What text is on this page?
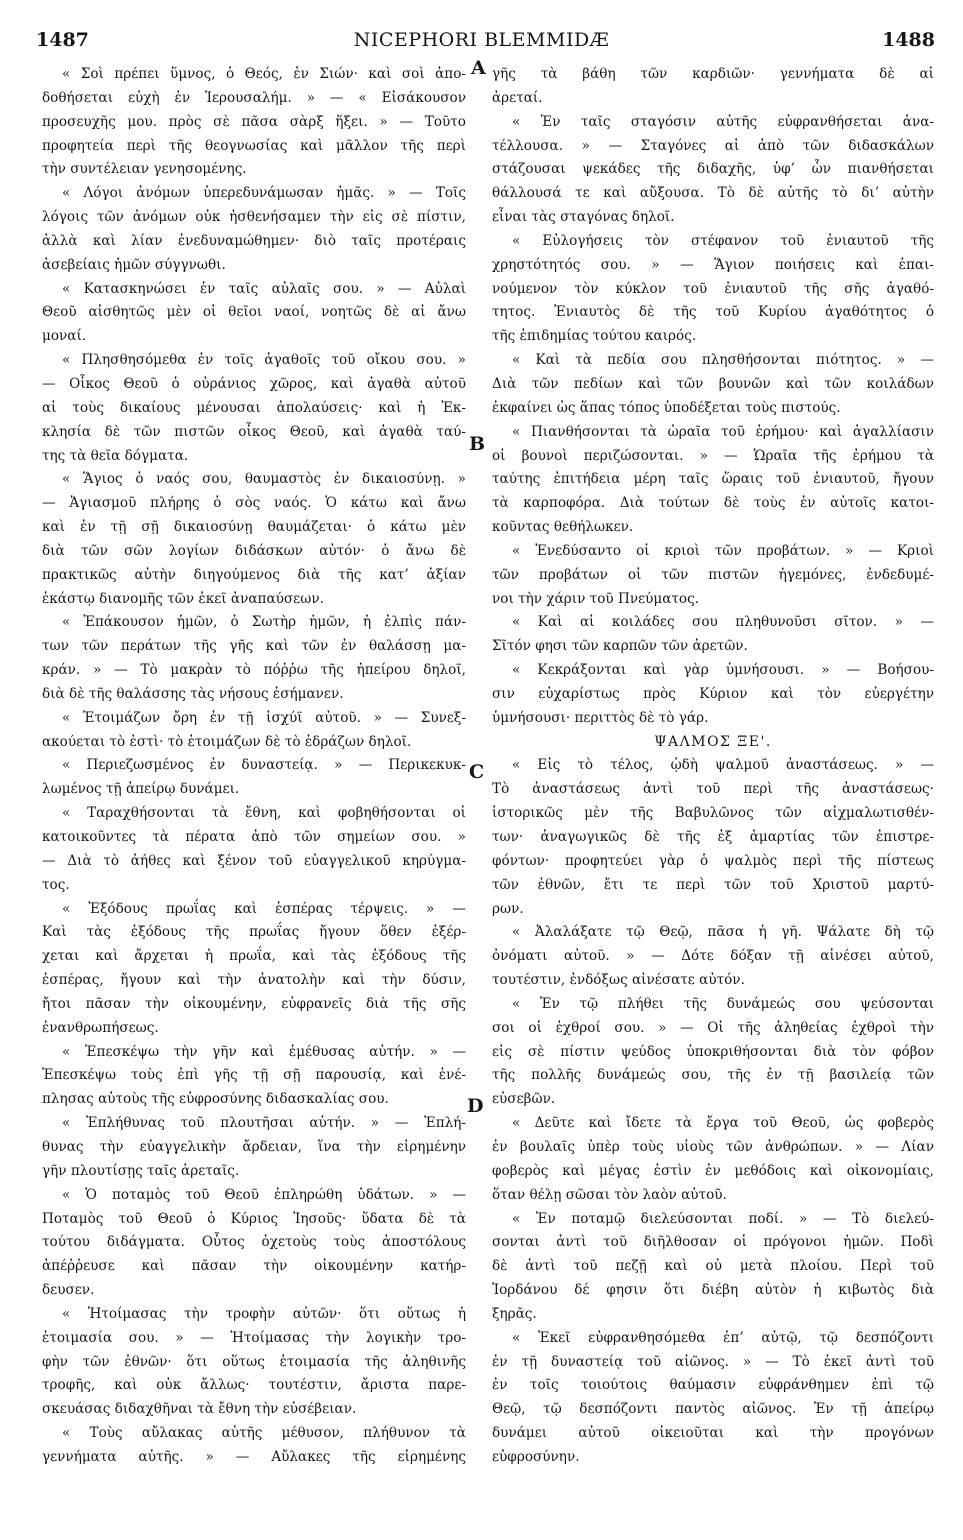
1487	NICEPHORI BLEMMIDÆ	1488
A
B
C
D
« Σοὶ πρέπει ὕμνος, ὁ Θεός, ἐν Σιών· καὶ σοὶ ἀπο-
δοθήσεται εὐχὴ ἐν Ἱερουσαλήμ. » — « Εἰσάκουσον
προσευχῆς μου. πρὸς σὲ πᾶσα σὰρξ ἥξει. » — Τοῦτο
προφητεία περὶ τῆς θεογνωσίας καὶ μᾶλλον τῆς περὶ
τὴν συντέλειαν γενησομένης.
« Λόγοι ἀνόμων ὑπερεδυνάμωσαν ἡμᾶς. » — Τοῖς
λόγοις τῶν ἀνόμων οὐκ ἠσθενήσαμεν τὴν εἰς σὲ πίστιν,
ἀλλὰ καὶ λίαν ἐνεδυναμώθημεν· διὸ ταῖς προτέραις
ἀσεβείαις ἡμῶν σύγγνωθι.
« Κατασκηνώσει ἐν ταῖς αὐλαῖς σου. » — Αὐλαὶ
Θεοῦ αἰσθητῶς μὲν οἱ θεῖοι ναοί, νοητῶς δὲ αἱ ἄνω
μοναί.
« Πλησθησόμεθα ἐν τοῖς ἀγαθοῖς τοῦ οἴκου σου. »
— Οἶκος Θεοῦ ὁ οὐράνιος χῶρος, καὶ ἀγαθὰ αὐτοῦ
αἱ τοὺς δικαίους μένουσαι ἀπολαύσεις· καὶ ἡ Ἐκ-
κλησία δὲ τῶν πιστῶν οἶκος Θεοῦ, καὶ ἀγαθὰ ταύ-
της τὰ θεῖα δόγματα.
« Ἅγιος ὁ ναός σου, θαυμαστὸς ἐν δικαιοσύνῃ. »
— Ἁγιασμοῦ πλήρης ὁ σὸς ναός. Ὁ κάτω καὶ ἄνω
καὶ ἐν τῇ σῇ δικαιοσύνῃ θαυμάζεται· ὁ κάτω μὲν
διὰ τῶν σῶν λογίων διδάσκων αὐτόν· ὁ ἄνω δὲ
πρακτικῶς αὐτὴν διηγούμενος διὰ τῆς κατ’ ἀξίαν
ἑκάστῳ διανομῆς τῶν ἐκεῖ ἀναπαύσεων.
« Ἐπάκουσον ἡμῶν, ὁ Σωτὴρ ἡμῶν, ἡ ἐλπὶς πάν-
των τῶν περάτων τῆς γῆς καὶ τῶν ἐν θαλάσσῃ μα-
κράν. » — Τὸ μακρὰν τὸ πόῤῥω τῆς ἠπείρου δηλοῖ,
διὰ δὲ τῆς θαλάσσης τὰς νήσους ἐσήμανεν.
« Ἑτοιμάζων ὄρη ἐν τῇ ἰσχύϊ αὐτοῦ. » — Συνεξ-
ακούεται τὸ ἐστὶ· τὸ ἑτοιμάζων δὲ τὸ ἑδράζων δηλοῖ.
« Περιεζωσμένος ἐν δυναστείᾳ. » — Περικεκυκ-
λωμένος τῇ ἀπείρῳ δυνάμει.
« Ταραχθήσονται τὰ ἔθνη, καὶ φοβηθήσονται οἱ
κατοικοῦντες τὰ πέρατα ἀπὸ τῶν σημείων σου. »
— Διὰ τὸ ἀήθες καὶ ξένον τοῦ εὐαγγελικοῦ κηρύγμα-
τος.
« Ἐξόδους πρωΐας καὶ ἑσπέρας τέρψεις. » —
Καὶ τὰς ἐξόδους τῆς πρωΐας ἤγουν ὅθεν ἐξέρ-
χεται καὶ ἄρχεται ἡ πρωΐα, καὶ τὰς ἐξόδους τῆς
ἑσπέρας, ἤγουν καὶ τὴν ἀνατολὴν καὶ τὴν δύσιν,
ἤτοι πᾶσαν τὴν οἰκουμένην, εὐφρανεῖς διὰ τῆς σῆς
ἐνανθρωπήσεως.
« Ἐπεσκέψω τὴν γῆν καὶ ἐμέθυσας αὐτήν. » —
Ἐπεσκέψω τοὺς ἐπὶ γῆς τῇ σῇ παρουσίᾳ, καὶ ἐνέ-
πλησας αὐτοὺς τῆς εὐφροσύνης διδασκαλίας σου.
« Ἐπλήθυνας τοῦ πλουτῆσαι αὐτήν. » — Ἐπλή-
θυνας τὴν εὐαγγελικὴν ἄρδειαν, ἵνα τὴν εἰρημένην
γῆν πλουτίσῃς ταῖς ἀρεταῖς.
« Ὁ ποταμὸς τοῦ Θεοῦ ἐπληρώθη ὑδάτων. » —
Ποταμὸς τοῦ Θεοῦ ὁ Κύριος Ἰησοῦς· ὕδατα δὲ τὰ
τούτου διδάγματα. Οὗτος ὀχετοὺς τοὺς ἀποστόλους
ἀπέῤῥευσε καὶ πᾶσαν τὴν οἰκουμένην κατήρ-
δευσεν.
« Ἡτοίμασας τὴν τροφὴν αὐτῶν· ὅτι οὕτως ἡ
ἑτοιμασία σου. » — Ἡτοίμασας τὴν λογικὴν τρο-
φὴν τῶν ἐθνῶν· ὅτι οὕτως ἑτοιμασία τῆς ἀληθινῆς
τροφῆς, καὶ οὐκ ἄλλως· τουτέστιν, ἄριστα παρε-
σκευάσας διδαχθῆναι τὰ ἔθνη τὴν εὐσέβειαν.
« Τοὺς αὔλακας αὐτῆς μέθυσον, πλήθυνον τὰ
γεννήματα αὐτῆς. » — Αὔλακες τῆς εἰρημένης
γῆς τὰ βάθη τῶν καρδιῶν· γεννήματα δὲ αἱ
ἀρεταί.
« Ἐν ταῖς σταγόσιν αὐτῆς εὐφρανθήσεται ἀνα-
τέλλουσα. » — Σταγόνες αἱ ἀπὸ τῶν διδασκάλων
στάζουσαι ψεκάδες τῆς διδαχῆς, ὑφ’ ὧν πιανθήσεται
θάλλουσά τε καὶ αὔξουσα. Τὸ δὲ αὐτῆς τὸ δι’ αὐτὴν
εἶναι τὰς σταγόνας δηλοῖ.
« Εὐλογήσεις τὸν στέφανον τοῦ ἐνιαυτοῦ τῆς
χρηστότητός σου. » — Ἅγιον ποιήσεις καὶ ἐπαι-
νούμενον τὸν κύκλον τοῦ ἐνιαυτοῦ τῆς σῆς ἀγαθό-
τητος. Ἐνιαυτὸς δὲ τῆς τοῦ Κυρίου ἀγαθότητος ὁ
τῆς ἐπιδημίας τούτου καιρός.
« Καὶ τὰ πεδία σου πλησθήσονται πιότητος. » —
Διὰ τῶν πεδίων καὶ τῶν βουνῶν καὶ τῶν κοιλάδων
ἐκφαίνει ὡς ἅπας τόπος ὑποδέξεται τοὺς πιστούς.
« Πιανθήσονται τὰ ὡραῖα τοῦ ἐρήμου· καὶ ἀγαλλίασιν
οἱ βουνοὶ περιζώσονται. » — Ὡραῖα τῆς ἐρήμου τὰ
ταύτης ἐπιτήδεια μέρη ταῖς ὥραις τοῦ ἐνιαυτοῦ, ἤγουν
τὰ καρποφόρα. Διὰ τούτων δὲ τοὺς ἐν αὐτοῖς κατοι-
κοῦντας θεθήλωκεν.
« Ἐνεδύσαντο οἱ κριοὶ τῶν προβάτων. » — Κριοὶ
τῶν προβάτων οἱ τῶν πιστῶν ἡγεμόνες, ἐνδεδυμέ-
νοι τὴν χάριν τοῦ Πνεύματος.
« Καὶ αἱ κοιλάδες σου πληθυνοῦσι σῖτον. » —
Σῖτόν φησι τῶν καρπῶν τῶν ἀρετῶν.
« Κεκράξονται καὶ γὰρ ὑμνήσουσι. » — Βοήσου-
σιν εὐχαρίστως πρὸς Κύριον καὶ τὸν εὐεργέτην
ὑμνήσουσι· περιττὸς δὲ τὸ γάρ.
ΨΑΛΜΟΣ ΞΕ'.
« Εἰς τὸ τέλος, ᾠδὴ ψαλμοῦ ἀναστάσεως. » —
Τὸ ἀναστάσεως ἀντὶ τοῦ περὶ τῆς ἀναστάσεως·
ἱστορικῶς μὲν τῆς Βαβυλῶνος τῶν αἰχμαλωτισθέν-
των· ἀναγωγικῶς δὲ τῆς ἐξ ἁμαρτίας τῶν ἐπιστρε-
φόντων· προφητεύει γὰρ ὁ ψαλμὸς περὶ τῆς πίστεως
τῶν ἐθνῶν, ἔτι τε περὶ τῶν τοῦ Χριστοῦ μαρτύ-
ρων.
« Ἀλαλάξατε τῷ Θεῷ, πᾶσα ἡ γῆ. Ψάλατε δὴ τῷ
ὀνόματι αὐτοῦ. » — Δότε δόξαν τῇ αἰνέσει αὐτοῦ,
τουτέστιν, ἐνδόξως αἰνέσατε αὐτόν.
« Ἐν τῷ πλήθει τῆς δυνάμεώς σου ψεύσονται
σοι οἱ ἐχθροί σου. » — Οἱ τῆς ἀληθείας ἐχθροὶ τὴν
εἰς σὲ πίστιν ψεύδος ὑποκριθήσονται διὰ τὸν φόβον
τῆς πολλῆς δυνάμεώς σου, τῆς ἐν τῇ βασιλείᾳ τῶν
εὐσεβῶν.
« Δεῦτε καὶ ἴδετε τὰ ἔργα τοῦ Θεοῦ, ὡς φοβερὸς
ἐν βουλαῖς ὑπὲρ τοὺς υἱοὺς τῶν ἀνθρώπων. » — Λίαν
φοβερὸς καὶ μέγας ἐστὶν ἐν μεθόδοις καὶ οἰκονομίαις,
ὅταν θέλῃ σῶσαι τὸν λαὸν αὐτοῦ.
« Ἐν ποταμῷ διελεύσονται ποδί. » — Τὸ διελεύ-
σονται ἀντὶ τοῦ διῆλθοσαν οἱ πρόγονοι ἡμῶν. Ποδὶ
δὲ ἀντὶ τοῦ πεζῇ καὶ οὐ μετὰ πλοίου. Περὶ τοῦ
Ἰορδάνου δέ φησιν ὅτι διέβη αὐτὸν ἡ κιβωτὸς διὰ
ξηρᾶς.
« Ἐκεῖ εὐφρανθησόμεθα ἐπ’ αὐτῷ, τῷ δεσπόζοντι
ἐν τῇ δυναστείᾳ τοῦ αἰῶνος. » — Τὸ ἐκεῖ ἀντὶ τοῦ
ἐν τοῖς τοιούτοις θαύμασιν εὐφράνθημεν ἐπὶ τῷ
Θεῷ, τῷ δεσπόζοντι παντὸς αἰῶνος. Ἐν τῇ ἀπείρῳ
δυνάμει αὐτοῦ οἰκειοῦται καὶ τὴν προγόνων
εὐφροσύνην.
